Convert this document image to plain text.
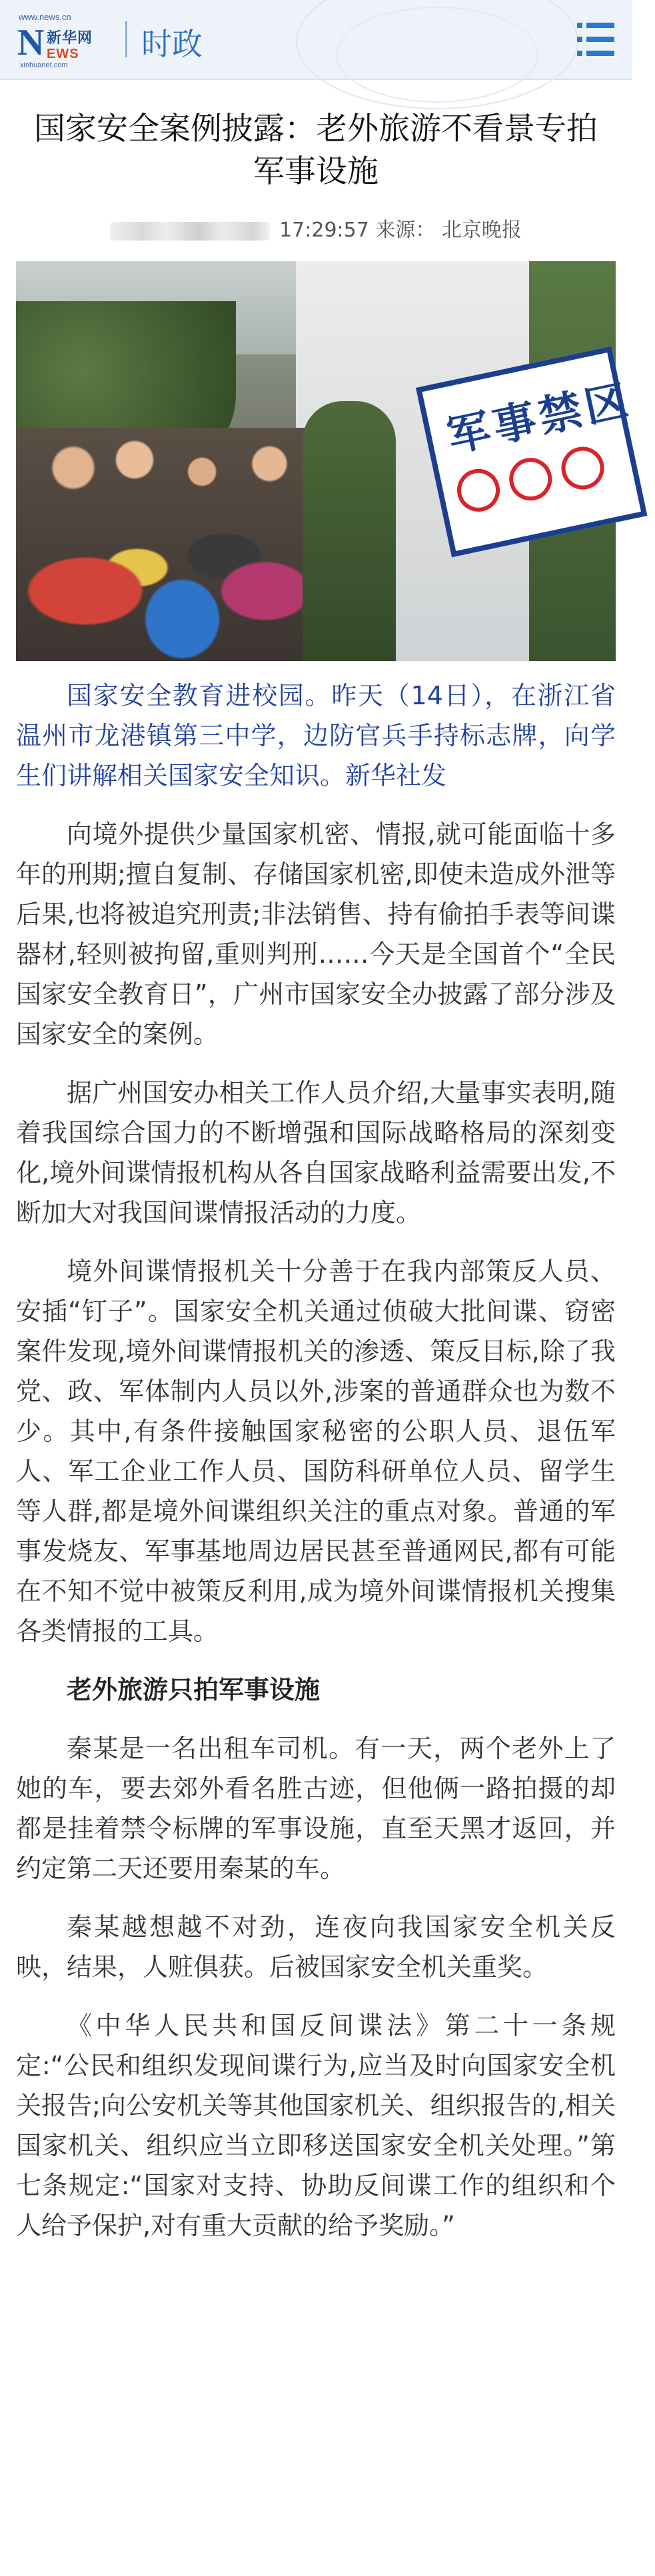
www.news.cn
N 新华网
EWS
xinhuanet.com
时政
国家安全案例披露：老外旅游不看景专拍军事设施
17:29:57 来源： 北京晚报
军事禁区
国家安全教育进校园。昨天（14日），在浙江省温州市龙港镇第三中学，边防官兵手持标志牌，向学生们讲解相关国家安全知识。新华社发
向境外提供少量国家机密、情报,就可能面临十多年的刑期;擅自复制、存储国家机密,即使未造成外泄等后果,也将被追究刑责;非法销售、持有偷拍手表等间谍器材,轻则被拘留,重则判刑……今天是全国首个“全民国家安全教育日”，广州市国家安全办披露了部分涉及国家安全的案例。
据广州国安办相关工作人员介绍,大量事实表明,随着我国综合国力的不断增强和国际战略格局的深刻变化,境外间谍情报机构从各自国家战略利益需要出发,不断加大对我国间谍情报活动的力度。
境外间谍情报机关十分善于在我内部策反人员、安插“钉子”。国家安全机关通过侦破大批间谍、窃密案件发现,境外间谍情报机关的渗透、策反目标,除了我党、政、军体制内人员以外,涉案的普通群众也为数不少。其中,有条件接触国家秘密的公职人员、退伍军人、军工企业工作人员、国防科研单位人员、留学生等人群,都是境外间谍组织关注的重点对象。普通的军事发烧友、军事基地周边居民甚至普通网民,都有可能在不知不觉中被策反利用,成为境外间谍情报机关搜集各类情报的工具。
老外旅游只拍军事设施
秦某是一名出租车司机。有一天，两个老外上了她的车，要去郊外看名胜古迹，但他俩一路拍摄的却都是挂着禁令标牌的军事设施，直至天黑才返回，并约定第二天还要用秦某的车。
秦某越想越不对劲，连夜向我国家安全机关反映，结果，人赃俱获。后被国家安全机关重奖。
《中华人民共和国反间谍法》第二十一条规定:“公民和组织发现间谍行为,应当及时向国家安全机关报告;向公安机关等其他国家机关、组织报告的,相关国家机关、组织应当立即移送国家安全机关处理。”第七条规定:“国家对支持、协助反间谍工作的组织和个人给予保护,对有重大贡献的给予奖励。”
